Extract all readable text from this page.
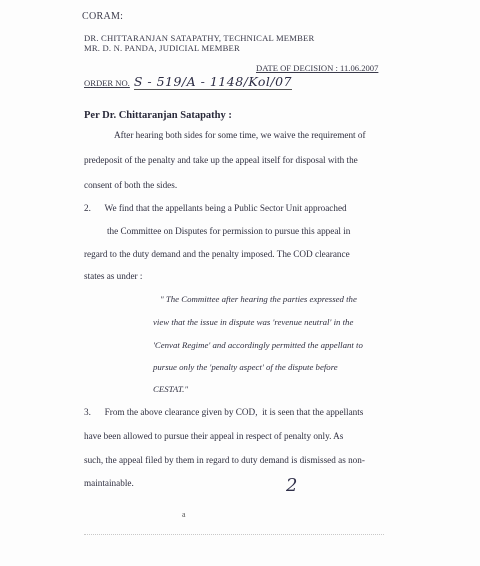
CORAM:
DR. CHITTARANJAN SATAPATHY, TECHNICAL MEMBER
MR. D. N. PANDA, JUDICIAL MEMBER
DATE OF DECISION : 11.06.2007
ORDER NO. S - 519/A - 1148/Kol/07
Per Dr. Chittaranjan Satapathy :
After hearing both sides for some time, we waive the requirement of
predeposit of the penalty and take up the appeal itself for disposal with the
consent of both the sides.
2.      We find that the appellants being a Public Sector Unit approached
the Committee on Disputes for permission to pursue this appeal in
regard to the duty demand and the penalty imposed. The COD clearance
states as under :
" The Committee after hearing the parties expressed the
view that the issue in dispute was 'revenue neutral' in the
'Cenvat Regime' and accordingly permitted the appellant to
pursue only the 'penalty aspect' of the dispute before
CESTAT."
3.      From the above clearance given by COD,  it is seen that the appellants
have been allowed to pursue their appeal in respect of penalty only. As
such, the appeal filed by them in regard to duty demand is dismissed as non-
maintainable.	2
a
